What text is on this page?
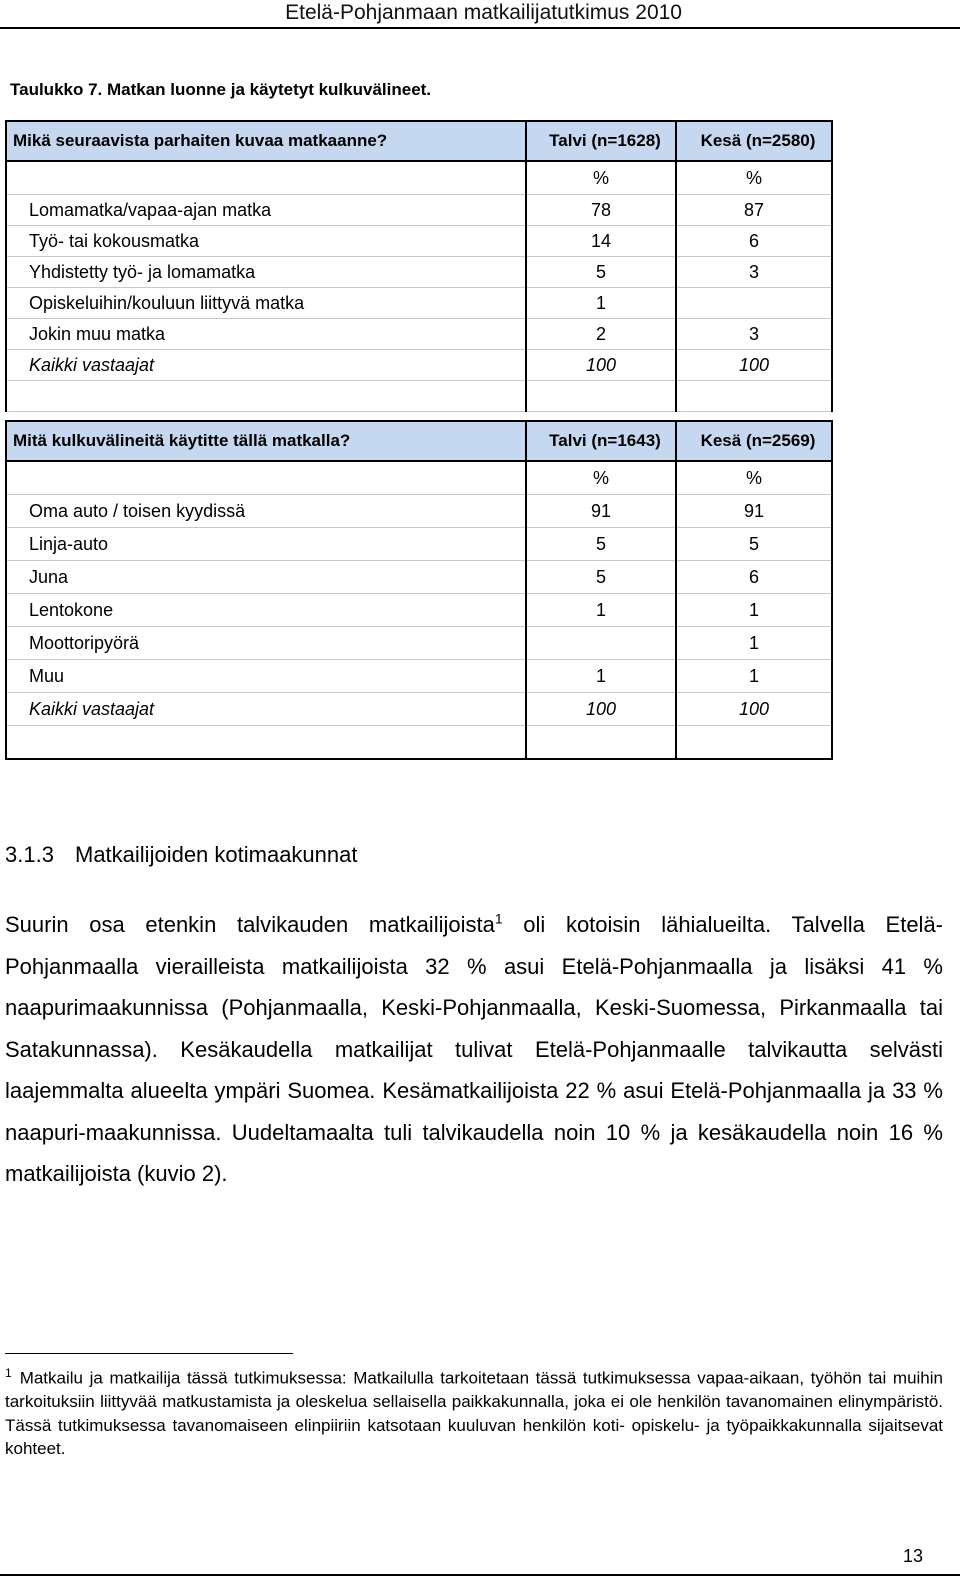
Etelä-Pohjanmaan matkailijatutkimus 2010
Taulukko 7. Matkan luonne ja käytetyt kulkuvälineet.
Mikä seuraavista parhaiten kuvaa matkaanne?	Talvi (n=1628)	Kesä (n=2580)
	%	%
Lomamatka/vapaa-ajan matka	78	87
Työ- tai kokousmatka	14	6
Yhdistetty työ- ja lomamatka	5	3
Opiskeluihin/kouluun liittyvä matka	1	
Jokin muu matka	2	3
Kaikki vastaajat	100	100

Mitä kulkuvälineitä käytitte tällä matkalla?	Talvi (n=1643)	Kesä (n=2569)
	%	%
Oma auto / toisen kyydissä	91	91
Linja-auto	5	5
Juna	5	6
Lentokone	1	1
Moottoripyörä		1
Muu	1	1
Kaikki vastaajat	100	100

3.1.3 Matkailijoiden kotimaakunnat
Suurin osa etenkin talvikauden matkailijoista$^1$ oli kotoisin lähialueilta. Talvella Etelä-Pohjanmaalla vierailleista matkailijoista 32 % asui Etelä-Pohjanmaalla ja lisäksi 41 % naapurimaakunnissa (Pohjanmaalla, Keski-Pohjanmaalla, Keski-Suomessa, Pirkanmaalla tai Satakunnassa). Kesäkaudella matkailijat tulivat Etelä-Pohjanmaalle talvikautta selvästi laajemmalta alueelta ympäri Suomea. Kesämatkailijoista 22 % asui Etelä-Pohjanmaalla ja 33 % naapuri-maakunnissa. Uudeltamaalta tuli talvikaudella noin 10 % ja kesäkaudella noin 16 % matkailijoista (kuvio 2).
$^1$ Matkailu ja matkailija tässä tutkimuksessa: Matkailulla tarkoitetaan tässä tutkimuksessa vapaa-aikaan, työhön tai muihin tarkoituksiin liittyvää matkustamista ja oleskelua sellaisella paikkakunnalla, joka ei ole henkilön tavanomainen elinympäristö. Tässä tutkimuksessa tavanomaiseen elinpiiriin katsotaan kuuluvan henkilön koti- opiskelu- ja työpaikkakunnalla sijaitsevat kohteet.
13
